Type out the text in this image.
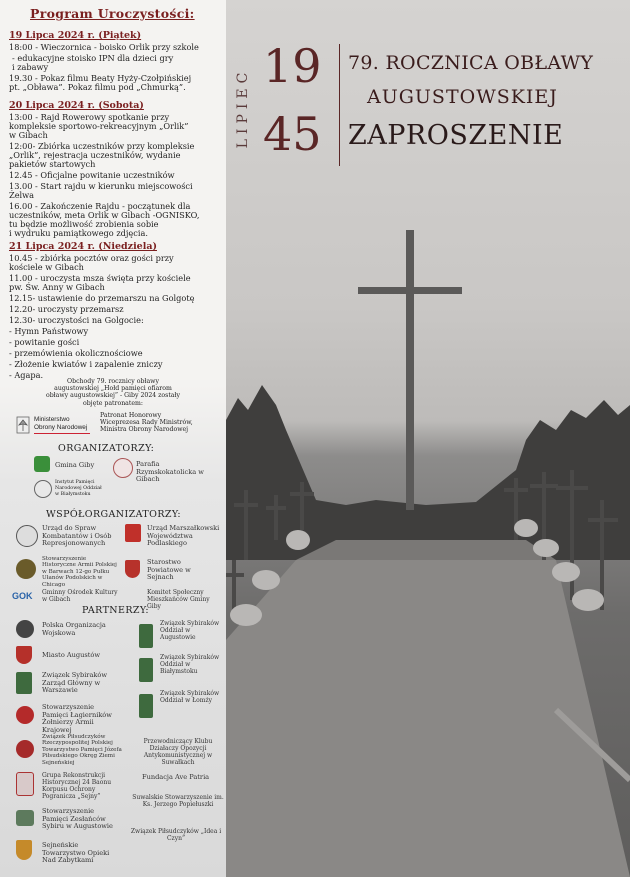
Program Uroczystości:

19 Lipca 2024 r. (Piątek)

18:00 - Wieczornica - boisko Orlik przy szkole

- edukacyjne stoisko IPN dla dzieci gry

i zabawy

19.30 - Pokaz filmu Beaty Hyży-Czołpińskiej

pt. „Obława”. Pokaz filmu pod „Chmurką”.

20 Lipca 2024 r. (Sobota)

13:00 - Rajd Rowerowy spotkanie przy

kompleksie sportowo-rekreacyjnym „Orlik”

w Gibach

12:00- Zbiórka uczestników przy kompleksie

„Orlik”, rejestracja uczestników, wydanie

pakietów startowych

12.45 - Oficjalne powitanie uczestników

13.00 - Start rajdu w kierunku miejscowości

Żelwa

16.00 - Zakończenie Rajdu - początunek dla

uczestników, meta Orlik w Gibach -OGNISKO,

tu będzie możliwość zrobienia sobie

i wydruku pamiątkowego zdjęcia.

21 Lipca 2024 r. (Niedziela)

10.45 - zbiórka pocztów oraz gości przy

kościele w Gibach

11.00 - uroczysta msza święta przy kościele

pw. Św. Anny w Gibach

12.15- ustawienie do przemarszu na Golgotę

12.20- uroczysty przemarsz

12.30- uroczystości na Golgocie:

- Hymn Państwowy

- powitanie gości

- przemówienia okolicznościowe

- Złożenie kwiatów i zapalenie zniczy

- Agapa.

Obchody 79. rocznicy obławy

augustowskiej „Hołd pamięci ofiarom

obławy augustowskiej” - Giby 2024 zostały

objęte patronatem:

Ministerstwo

Obrony Narodowej

Patronat Honorowy

Wiceprezesa Rady Ministrów,

Ministra Obrony Narodowej

ORGANIZATORZY:

Gmina Giby	Parafia Rzymskokatolicka w Gibach

Instytut Pamięci Narodowej Oddział w Białymstoku

WSPÓŁORGANIZATORZY:

Urząd do Spraw Kombatantów i Osób Represjonowanych

Urząd Marszałkowski Województwa Podlaskiego

Stowarzyszenie Historyczne Armii Polskiej w Barwach 12-go Pułku Ułanów Podolskich w Chicago

Starostwo Powiatowe w Sejnach

GOK Gminny Ośrodek Kultury w Gibach

Komitet Społeczny Mieszkańców Gminy Giby

PARTNERZY:

Polska Organizacja Wojskowa

Miasto Augustów

Związek Sybiraków Zarząd Główny w Warszawie

Stowarzyszenie Pamięci Łagierników Żołnierzy Armii Krajowej

Związek Piłsudczyków Rzeczypospolitej Polskiej Towarzystwo Pamięci Józefa Piłsudskiego Okręg Ziemi Sejneńskiej

Grupa Rekonstrukcji Historycznej 24 Baonu Korpusu Ochrony Pogranicza „Sejny”

Stowarzyszenie Pamięci Zesłańców Sybiru w Augustowie

Sejneńskie Towarzystwo Opieki Nad Zabytkami

Związek Sybiraków Oddział w Augustowie

Związek Sybiraków Oddział w Białymstoku

Związek Sybiraków Oddział w Łomży

Przewodniczący Klubu Działaczy Opozycji Antykomunistycznej w Suwałkach

Fundacja Ave Patria

Suwalskie Stowarzyszenie im. Ks. Jerzego Popiełuszki

Związek Piłsudczyków „Idea i Czyn”

LIPIEC

19

45

79. ROCZNICA OBŁAWY

AUGUSTOWSKIEJ

ZAPROSZENIE
